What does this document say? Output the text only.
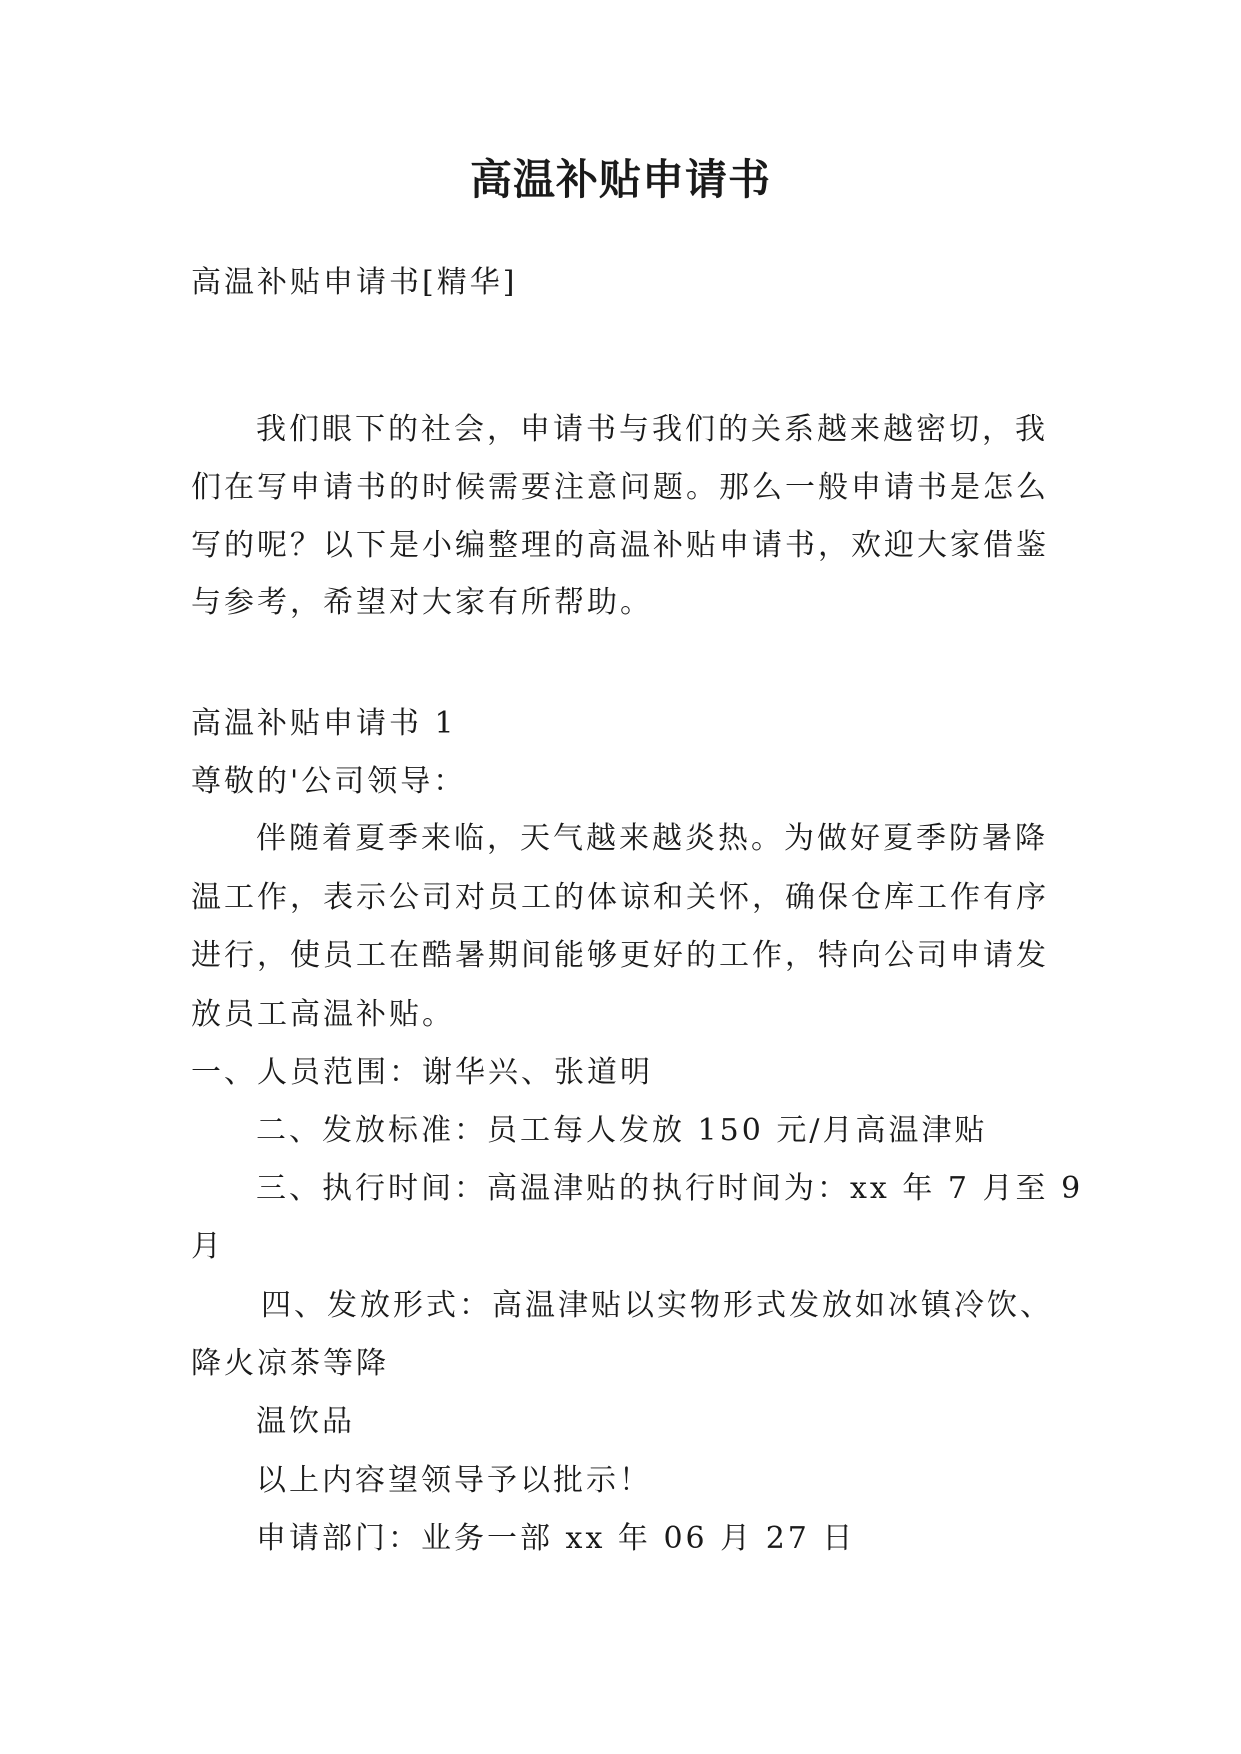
高温补贴申请书
高温补贴申请书[精华]
我们眼下的社会，申请书与我们的关系越来越密切，我
们在写申请书的时候需要注意问题。那么一般申请书是怎么
写的呢？以下是小编整理的高温补贴申请书，欢迎大家借鉴
与参考，希望对大家有所帮助。
高温补贴申请书 1
尊敬的'公司领导：
伴随着夏季来临，天气越来越炎热。为做好夏季防暑降
温工作，表示公司对员工的体谅和关怀，确保仓库工作有序
进行，使员工在酷暑期间能够更好的工作，特向公司申请发
放员工高温补贴。
一、人员范围：谢华兴、张道明
二、发放标准：员工每人发放 150 元/月高温津贴
三、执行时间：高温津贴的执行时间为：xx 年 7 月至 9
月
四、发放形式：高温津贴以实物形式发放如冰镇冷饮、
降火凉茶等降
温饮品
以上内容望领导予以批示！
申请部门：业务一部 xx 年 06 月 27 日
